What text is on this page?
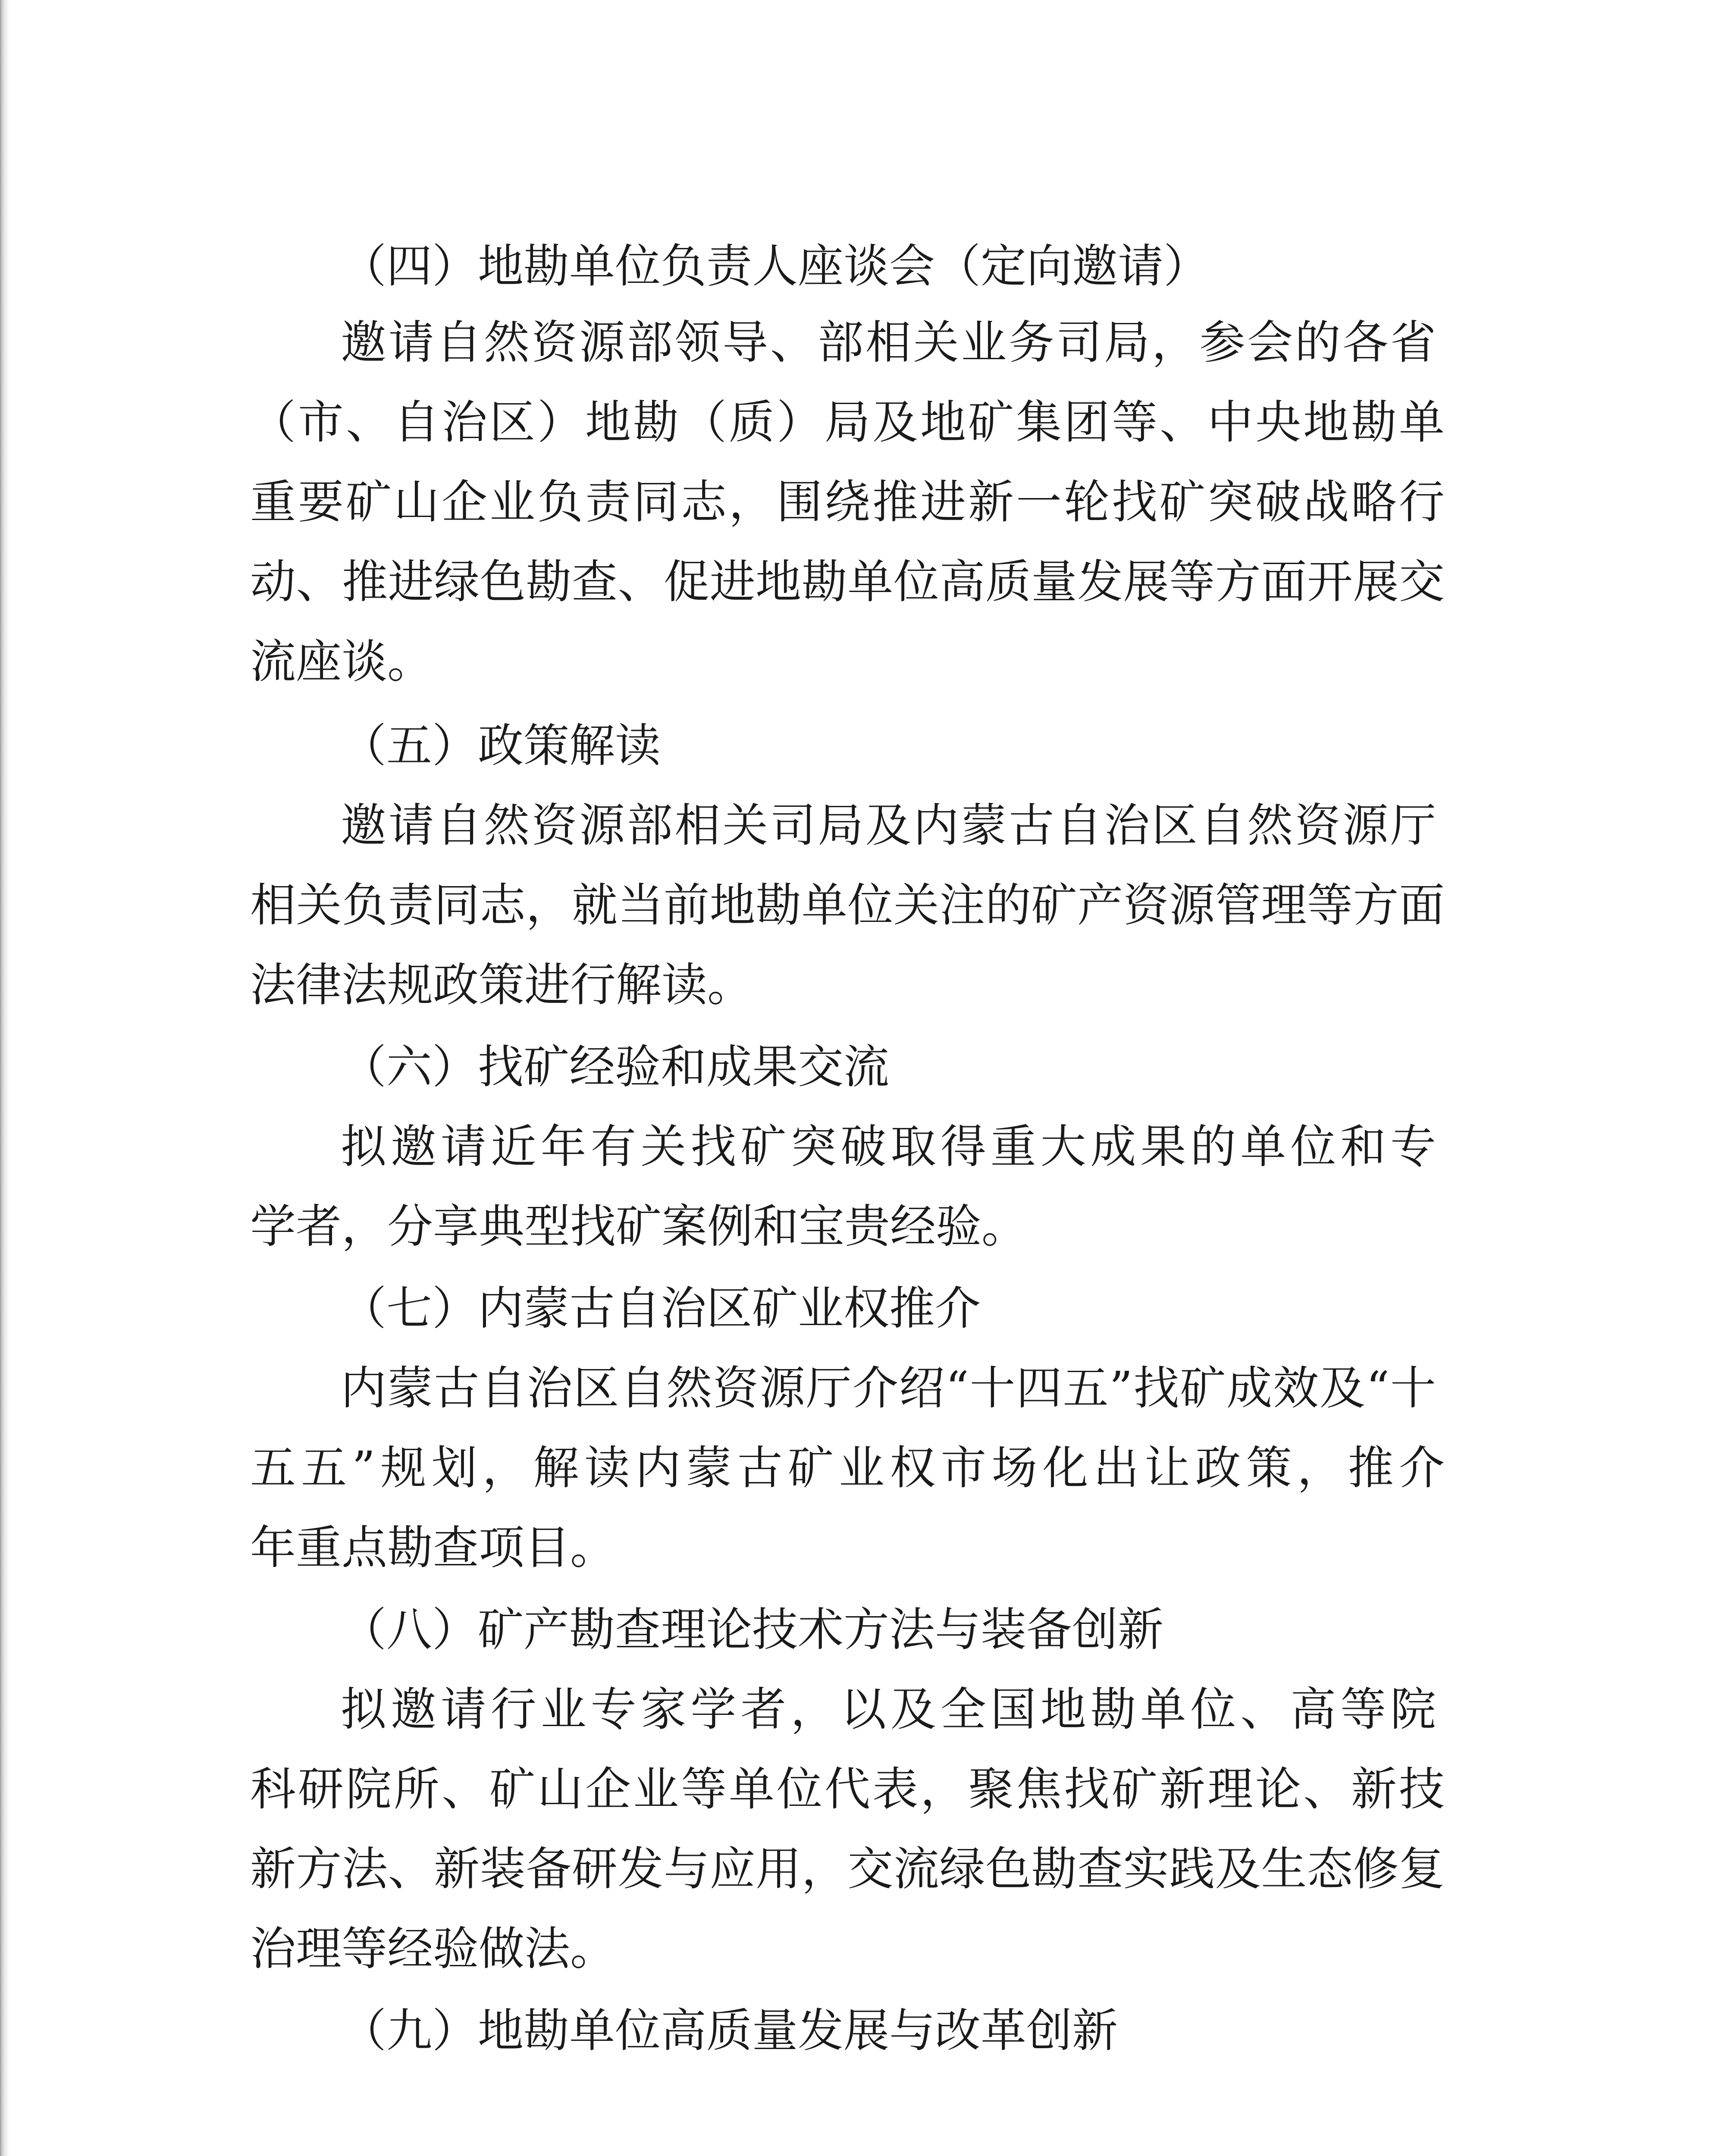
（四）地勘单位负责人座谈会（定向邀请）

邀请自然资源部领导、部相关业务司局，参会的各省

（市、自治区）地勘（质）局及地矿集团等、中央地勘单

重要矿山企业负责同志，围绕推进新一轮找矿突破战略行

动、推进绿色勘查、促进地勘单位高质量发展等方面开展交

流座谈。

（五）政策解读

邀请自然资源部相关司局及内蒙古自治区自然资源厅

相关负责同志，就当前地勘单位关注的矿产资源管理等方面

法律法规政策进行解读。

（六）找矿经验和成果交流

拟邀请近年有关找矿突破取得重大成果的单位和专

学者，分享典型找矿案例和宝贵经验。

（七）内蒙古自治区矿业权推介

内蒙古自治区自然资源厅介绍“十四五”找矿成效及“十

五五”规划，解读内蒙古矿业权市场化出让政策，推介

年重点勘查项目。

（八）矿产勘查理论技术方法与装备创新

拟邀请行业专家学者，以及全国地勘单位、高等院

科研院所、矿山企业等单位代表，聚焦找矿新理论、新技

新方法、新装备研发与应用，交流绿色勘查实践及生态修复

治理等经验做法。

（九）地勘单位高质量发展与改革创新
